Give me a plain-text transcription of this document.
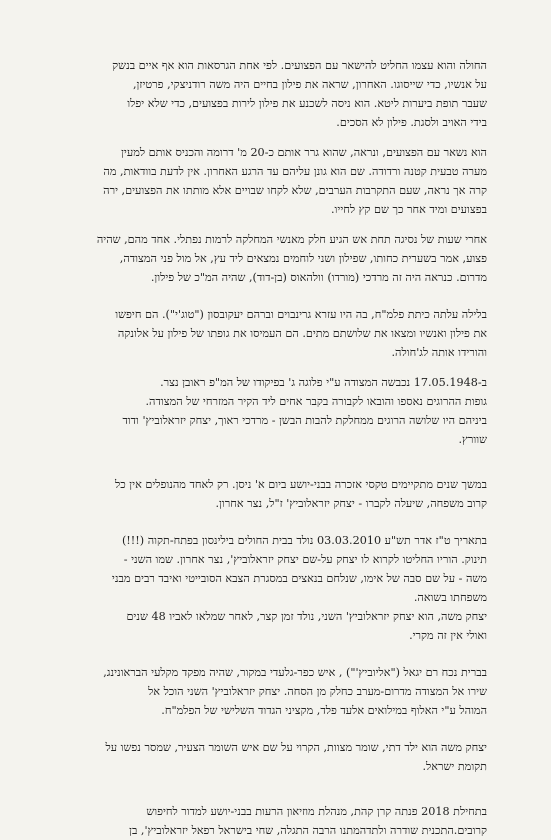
החולה והוא עצמו החליט להישאר עם הפצועים. לפי אחת הגרסאות הוא אף איים בנשק
על אנשיו, כדי שייסוגו. האחרון, שראה את פילון בחיים היה משה רודניצקי, פרטיזן,
שעבר תופת ביערות ליטא. הוא ניסה לשכנע את פילון לירות בפצועים, כדי שלא יפלו
בידי האויב ולסגת. פילון לא הסכים.

הוא נשאר עם הפצועים, ונראה, שהוא גרר אותם כ-20 מ' דרומה והכניס אותם למעין
מערה טבעית קטנה ורדודה. שם הוא גונן עליהם עד הרגע האחרון. אין לדעת בוודאות, מה
קרה אך נראה, שעם התקרבות הערבים, שלא לקחו שבויים אלא מותתו את הפצועים, ירה
בפצועים ומיד אחר כך שם קץ לחייו.

אחרי שעות של נסיגה תחת אש הגיע חלק מאנשי המחלקה לרמות נפתלי. אחד מהם, שהיה
פצוע, אמר בשערית כחותו, שפילון ושני לוחמים נמצאים ליד עץ, אל מול פני המצודה,
מדרום. כנראה היה זה מרדכי (מורדו) וולהאוס (בן-דוד), שהיה המ"כ של פילון.

בלילה עלתה כיתת פלמ"ח, בה היו עזרא גרינבוים וברהם יעקובסון ("טוג'י"). הם חיפשו
את פילון ואנשיו ומצאו את שלושתם מתים. הם העמיסו את גופתו של פילון על אלונקה
והורידו אותה לג'חולה.

ב-17.05.1948 נכבשה המצודה ע"י פלוגה ג' בפיקודו של המ"פ ראובן נצר.
גופות ההרוגים נאספו והובאו לקבורה בקבר אחים ליד הקיר המזרחי של המצודה.
ביניהם היו שלושה הרוגים ממחלקת להבות הבשן - מרדכי ראוך, יצחק יזראלוביץ' ודוד
שוורץ.

במשך שנים מתקיימים טקסי אזכרה בבני-יושע ביום א' ניסן. רק לאחד מהנופלים אין כל
קרוב משפחה, שיעלה לקברו - יצחק יזראלוביץ' ז"ל, נצר אחרון.

בתאריך ט"ז אדר תש"ע 03.03.2010 נולד בבית החולים בילינסון בפתח-תקוה (!!!)
תינוק. הוריו החליטו לקרוא לו יצחק על-שם יצחק יזראלוביץ', נצר אחרון. שמו השני -
משה - על שם סבה של אימו, שנלחם בנאצים במסגרת הצבא הסובייטי ואיבד רבים מבני
משפחתו בשואה.
יצחק משה, הוא יצחק יזראלוביץ' השני, נולד זמן קצר, לאחר שמלאו לאביו 48 שנים
ואולי אין זה מקרי.

בברית נכח רם יגאל ("אליוביץ'") , איש כפר-גלעדי במקור, שהיה מפקד מקלעי הבראונינג,
שירו אל המצודה מדרום-מערב כחלק מן הסחה. יצחק יזראלוביץ' השני הוכל אל
המוהל ע"י האלוף במילואים אלעד פלד, מקציני הגדוד השלישי של הפלמ"ח.

יצחק משה הוא ילד דתי, שומר מצוות, הקרוי על שם איש השומר הצעיר, שמסר נפשו על
תקומת ישראל.

בתחילת 2018 פנתה קרן קהת, מנהלת מוזיאון הרעות בבני-יושע למדור לחיפוש
קרובים.התכנית שודרה ולתדהמתנו הרבה התגלה, שחי בישראל רפאל יזראלוביץ', בן
